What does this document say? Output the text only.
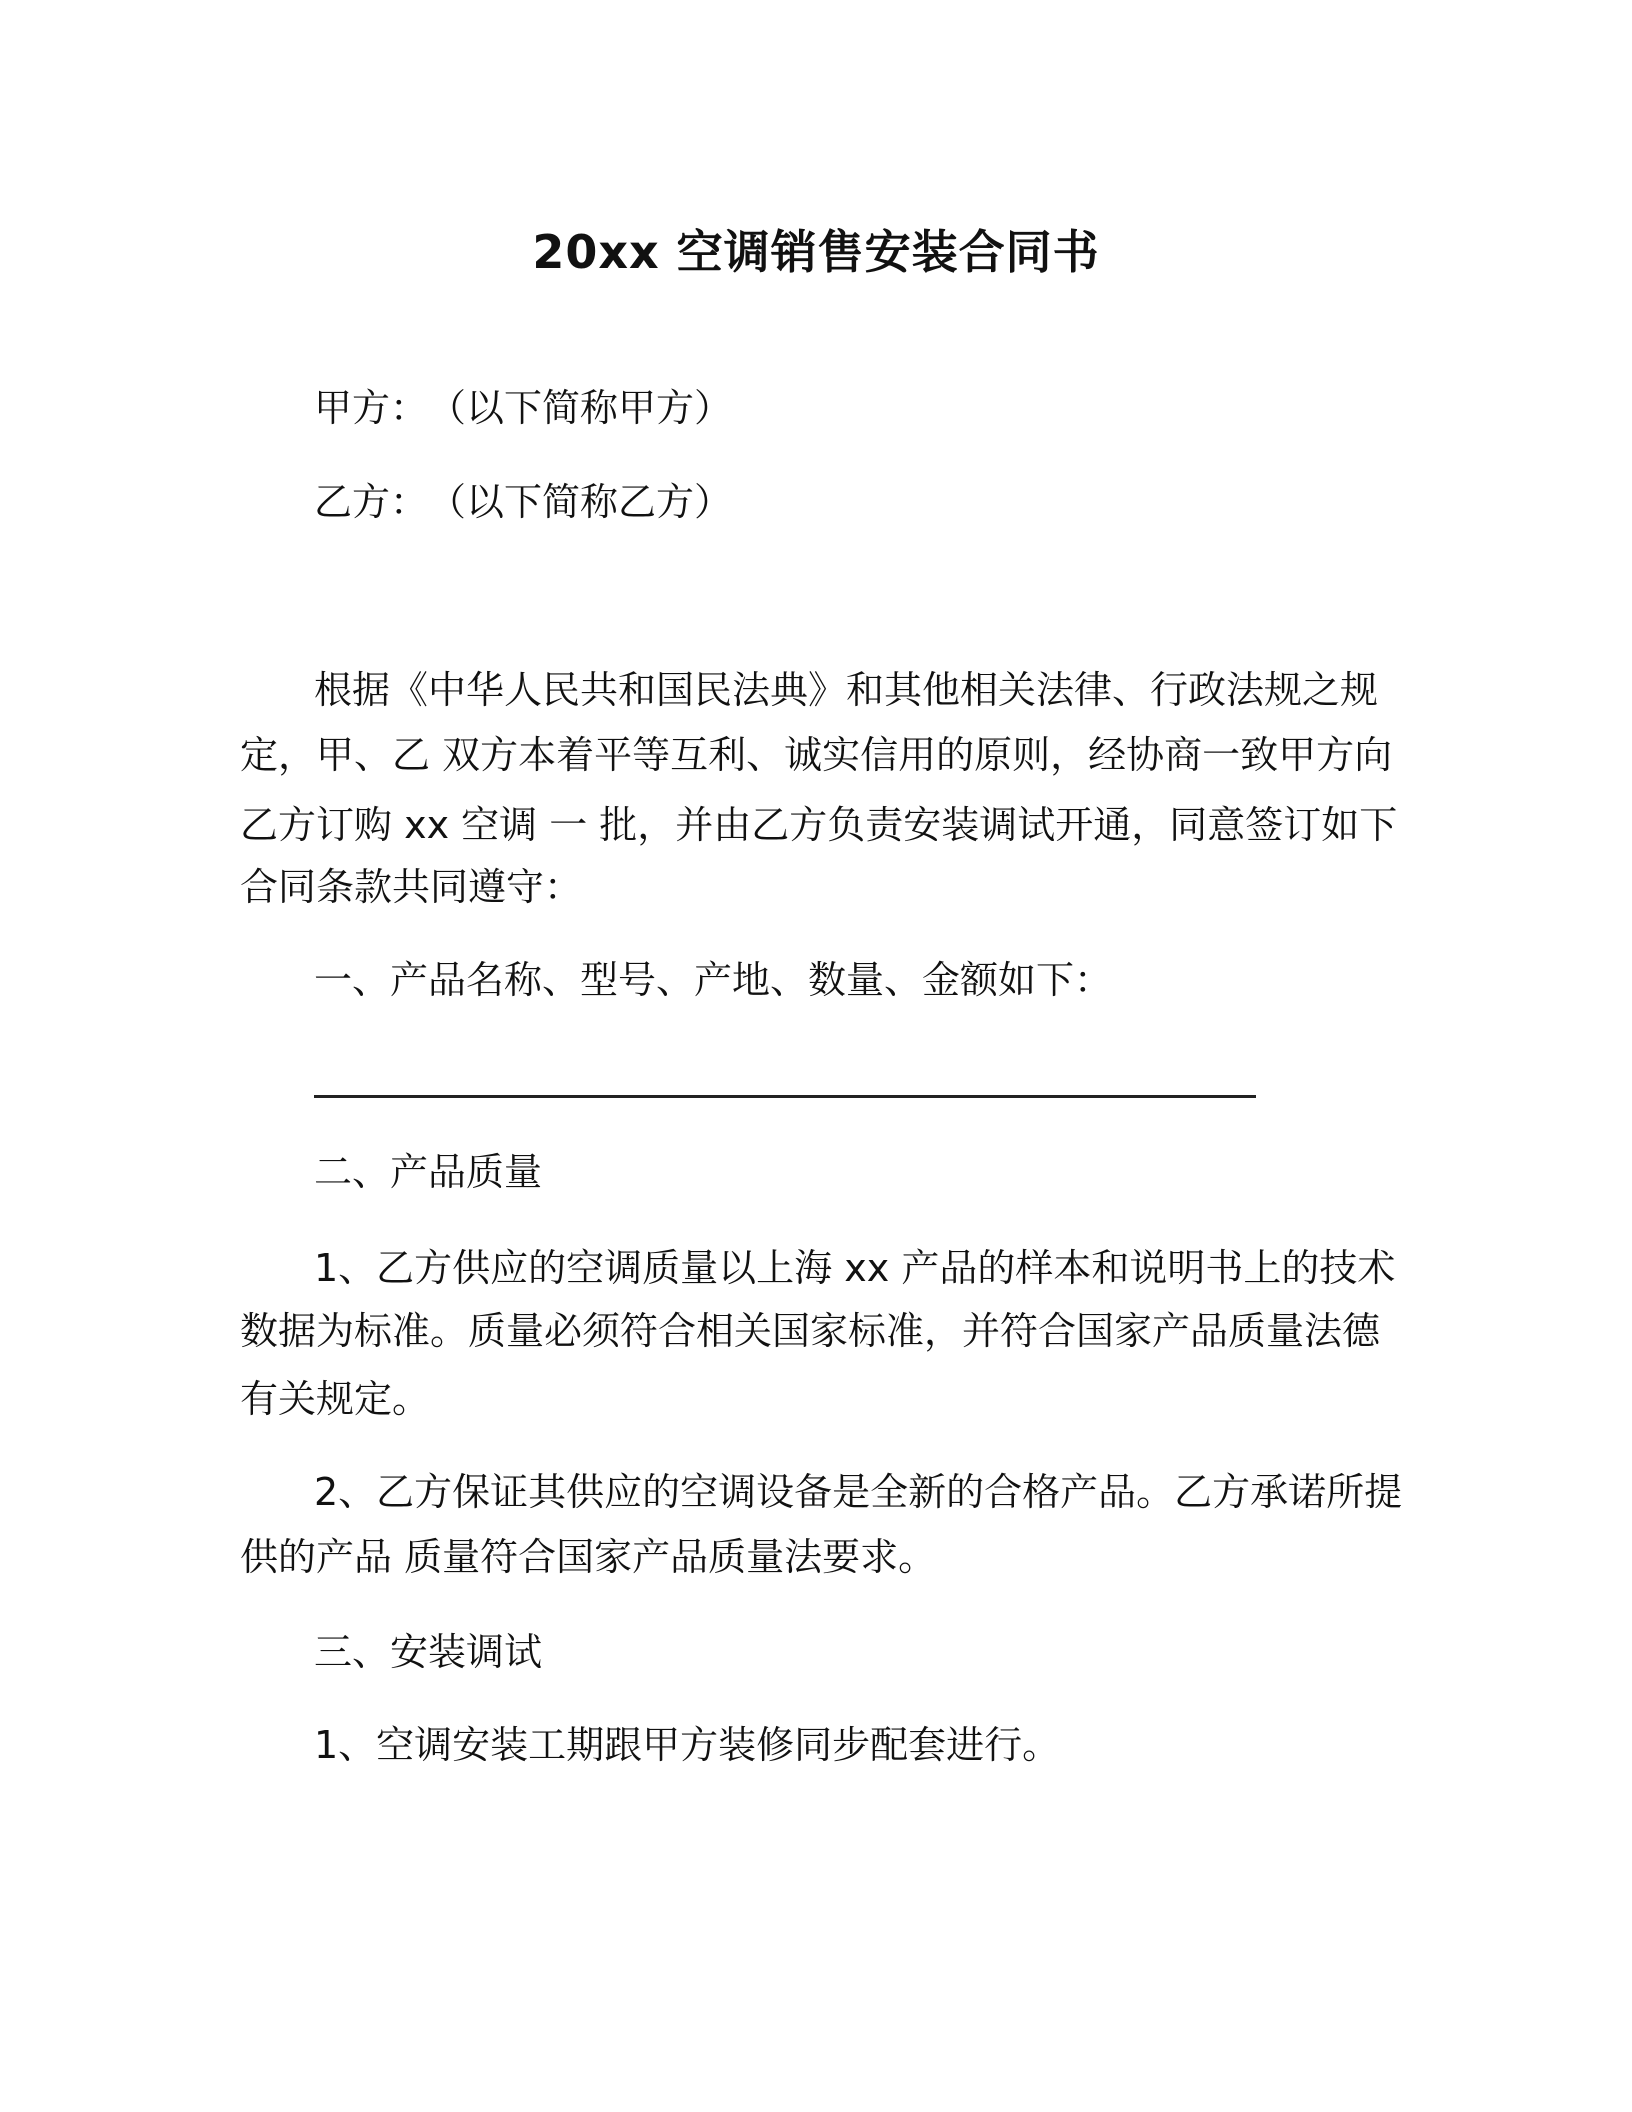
20xx 空调销售安装合同书
甲方：　（以下简称甲方）
乙方：　（以下简称乙方）
根据《中华人民共和国民法典》和其他相关法律、行政法规之规
定，甲、乙 双方本着平等互利、诚实信用的原则，经协商一致甲方向
乙方订购 xx 空调 一 批，并由乙方负责安装调试开通，同意签订如下
合同条款共同遵守：
一、产品名称、型号、产地、数量、金额如下：
二、产品质量
1、乙方供应的空调质量以上海 xx 产品的样本和说明书上的技术
数据为标准。质量必须符合相关国家标准，并符合国家产品质量法德
有关规定。
2、乙方保证其供应的空调设备是全新的合格产品。乙方承诺所提
供的产品 质量符合国家产品质量法要求。
三、安装调试
1、空调安装工期跟甲方装修同步配套进行。
